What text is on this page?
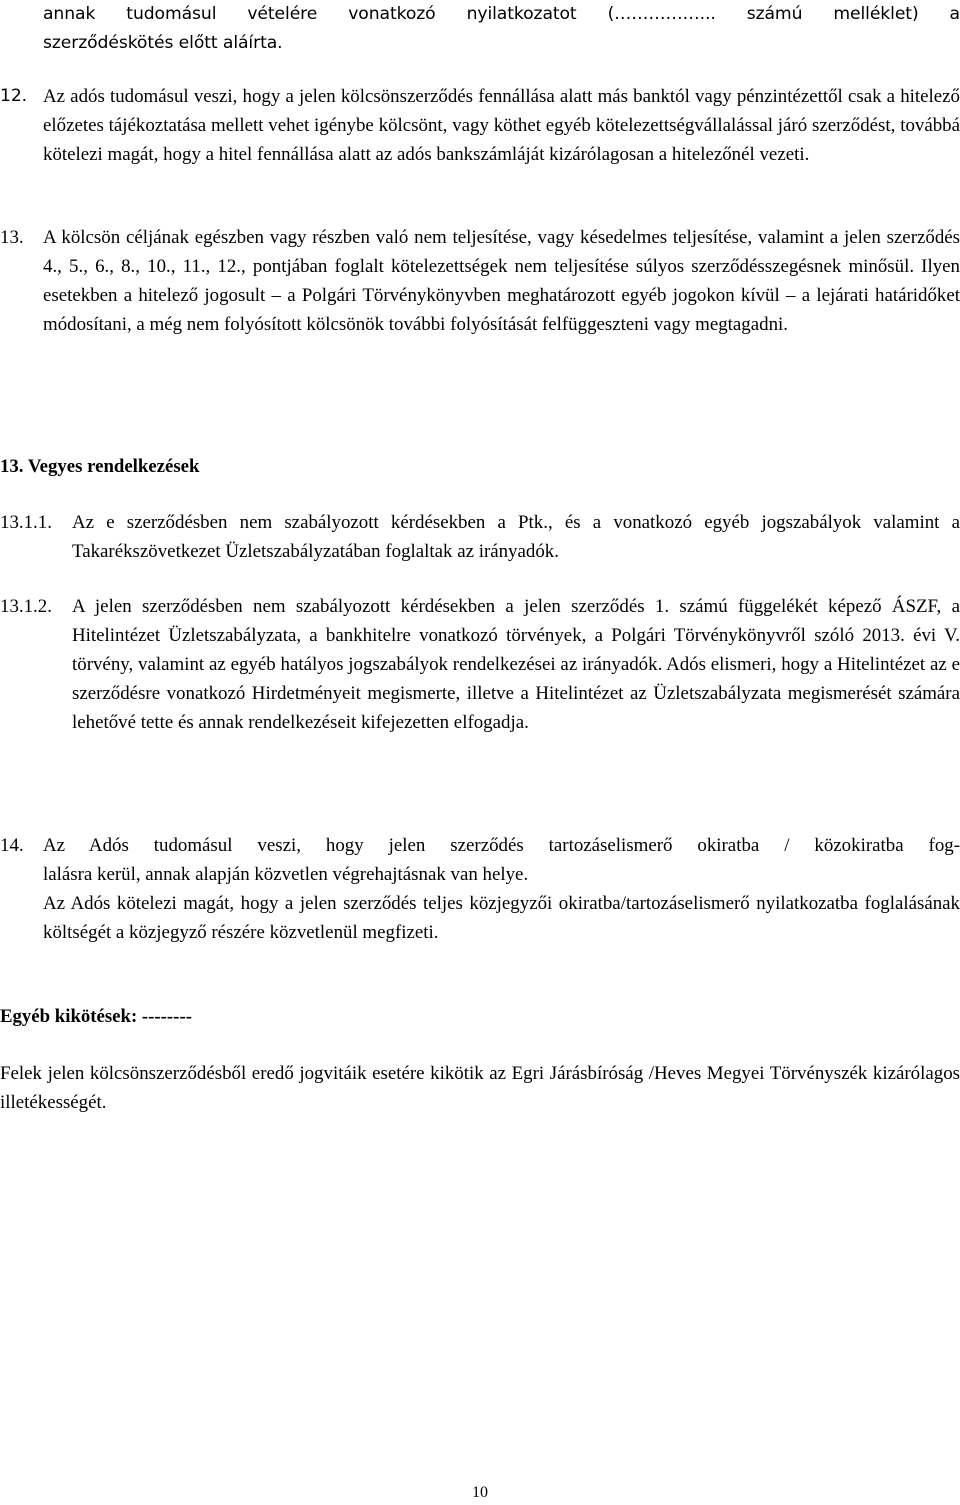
annak tudomásul vételére vonatkozó nyilatkozatot (……………... számú melléklet) a

szerződéskötés előtt aláírta.

12. Az adós tudomásul veszi, hogy a jelen kölcsönszerződés fennállása alatt más banktól vagy pénzintézettől csak a hitelező előzetes tájékoztatása mellett vehet igénybe kölcsönt, vagy köthet egyéb kötelezettségvállalással járó szerződést, továbbá kötelezi magát, hogy a hitel fennállása alatt az adós bankszámláját kizárólagosan a hitelezőnél vezeti.

13. A kölcsön céljának egészben vagy részben való nem teljesítése, vagy késedelmes teljesítése, valamint a jelen szerződés 4., 5., 6., 8., 10., 11., 12., pontjában foglalt kötelezettségek nem teljesítése súlyos szerződésszegésnek minősül. Ilyen esetekben a hitelező jogosult – a Polgári Törvénykönyvben meghatározott egyéb jogokon kívül – a lejárati határidőket módosítani, a még nem folyósított kölcsönök további folyósítását felfüggeszteni vagy megtagadni.

13. Vegyes rendelkezések

13.1.1. Az e szerződésben nem szabályozott kérdésekben a Ptk., és a vonatkozó egyéb jogszabályok valamint a Takarékszövetkezet Üzletszabályzatában foglaltak az irányadók.

13.1.2. A jelen szerződésben nem szabályozott kérdésekben a jelen szerződés 1. számú függelékét képező ÁSZF, a Hitelintézet Üzletszabályzata, a bankhitelre vonatkozó törvények, a Polgári Törvénykönyvről szóló 2013. évi V. törvény, valamint az egyéb hatályos jogszabályok rendelkezései az irányadók. Adós elismeri, hogy a Hitelintézet az e szerződésre vonatkozó Hirdetményeit megismerte, illetve a Hitelintézet az Üzletszabályzata megismerését számára lehetővé tette és annak rendelkezéseit kifejezetten elfogadja.

14. Az Adós tudomásul veszi, hogy jelen szerződés tartozáselismerő okiratba / közokiratba fog-

lalásra kerül, annak alapján közvetlen végrehajtásnak van helye.

Az Adós kötelezi magát, hogy a jelen szerződés teljes közjegyzői okiratba/tartozáselismerő nyilatkozatba foglalásának költségét a közjegyző részére közvetlenül megfizeti.

Egyéb kikötések: --------

Felek jelen kölcsönszerződésből eredő jogvitáik esetére kikötik az Egri Járásbíróság /Heves Megyei Törvényszék kizárólagos illetékességét.

10
